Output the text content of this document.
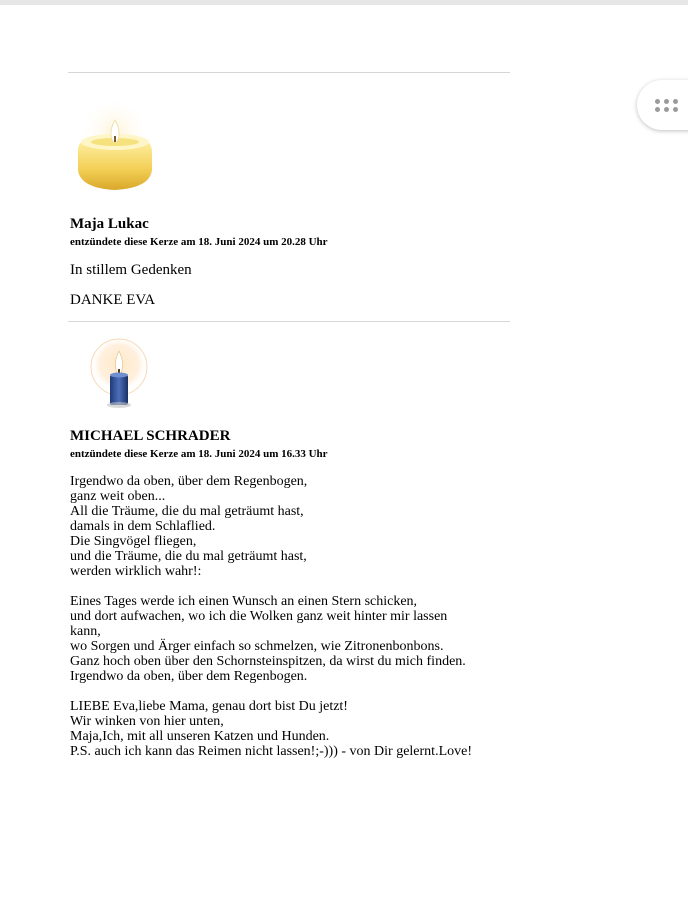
Maja Lukac
entzündete diese Kerze am 18. Juni 2024 um 20.28 Uhr
In stillem Gedenken
DANKE EVA
MICHAEL SCHRADER
entzündete diese Kerze am 18. Juni 2024 um 16.33 Uhr
Irgendwo da oben, über dem Regenbogen,
ganz weit oben...
All die Träume, die du mal geträumt hast,
damals in dem Schlaflied.
Die Singvögel fliegen,
und die Träume, die du mal geträumt hast,
werden wirklich wahr!:
Eines Tages werde ich einen Wunsch an einen Stern schicken,
und dort aufwachen, wo ich die Wolken ganz weit hinter mir lassen
kann,
wo Sorgen und Ärger einfach so schmelzen, wie Zitronenbonbons.
Ganz hoch oben über den Schornsteinspitzen, da wirst du mich finden.
Irgendwo da oben, über dem Regenbogen.
LIEBE Eva,liebe Mama, genau dort bist Du jetzt!
Wir winken von hier unten,
Maja,Ich, mit all unseren Katzen und Hunden.
P.S. auch ich kann das Reimen nicht lassen!;-))) - von Dir gelernt.Love!
